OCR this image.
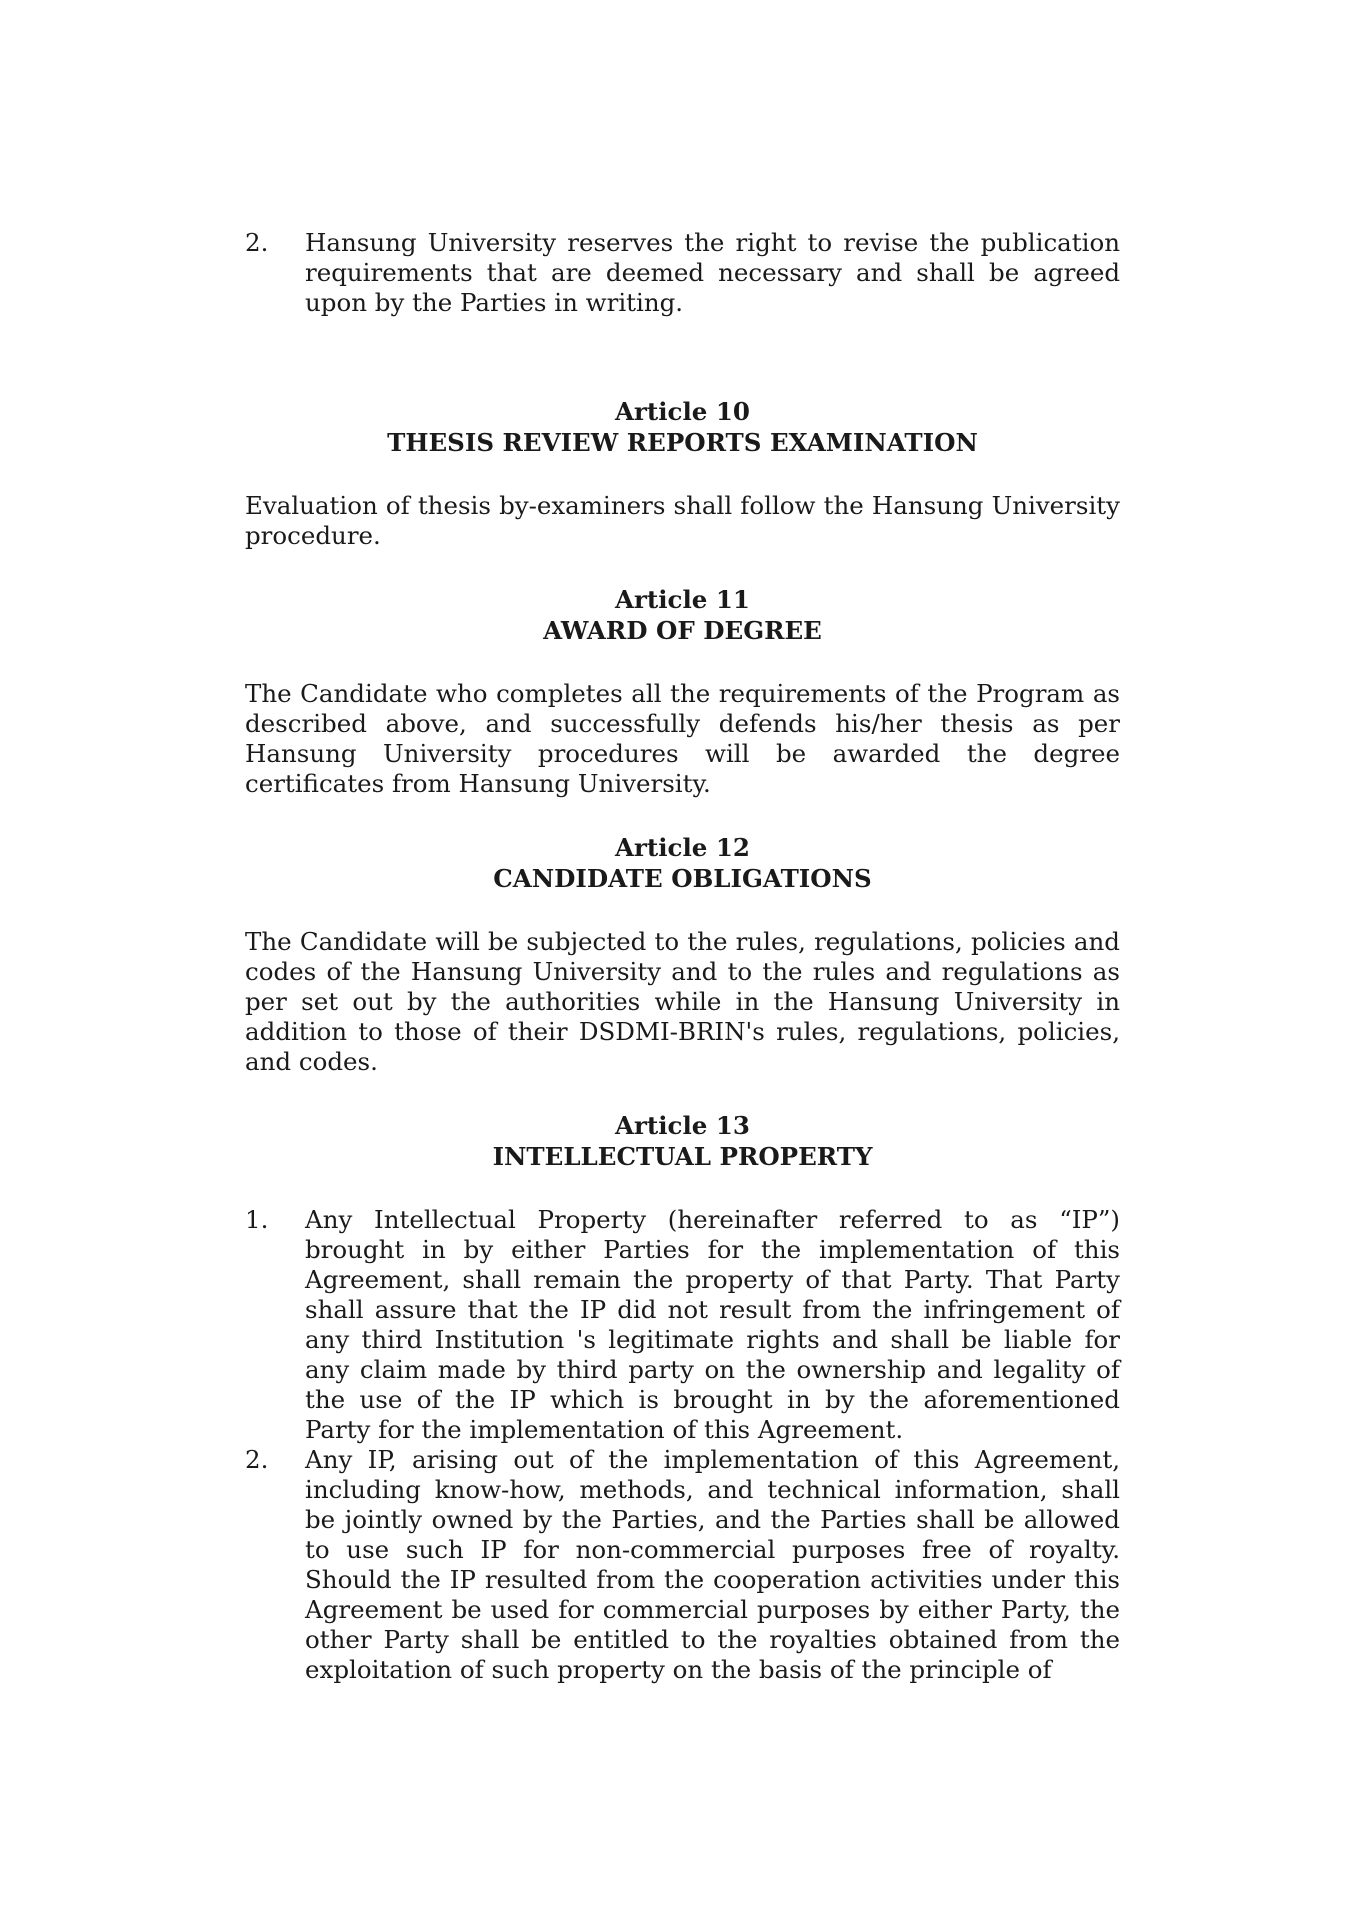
2.	Hansung University reserves the right to revise the publication requirements that are deemed necessary and shall be agreed upon by the Parties in writing.
Article 10
THESIS REVIEW REPORTS EXAMINATION
Evaluation of thesis by-examiners shall follow the Hansung University procedure.
Article 11
AWARD OF DEGREE
The Candidate who completes all the requirements of the Program as described above, and successfully defends his/her thesis as per Hansung University procedures will be awarded the degree certificates from Hansung University.
Article 12
CANDIDATE OBLIGATIONS
The Candidate will be subjected to the rules, regulations, policies and codes of the Hansung University and to the rules and regulations as per set out by the authorities while in the Hansung University in addition to those of their DSDMI-BRIN's rules, regulations, policies, and codes.
Article 13
INTELLECTUAL PROPERTY
1.	Any Intellectual Property (hereinafter referred to as “IP”) brought in by either Parties for the implementation of this Agreement, shall remain the property of that Party. That Party shall assure that the IP did not result from the infringement of any third Institution 's legitimate rights and shall be liable for any claim made by third party on the ownership and legality of the use of the IP which is brought in by the aforementioned Party for the implementation of this Agreement.
2.	Any IP, arising out of the implementation of this Agreement, including know-how, methods, and technical information, shall be jointly owned by the Parties, and the Parties shall be allowed to use such IP for non-commercial purposes free of royalty. Should the IP resulted from the cooperation activities under this Agreement be used for commercial purposes by either Party, the other Party shall be entitled to the royalties obtained from the exploitation of such property on the basis of the principle of
